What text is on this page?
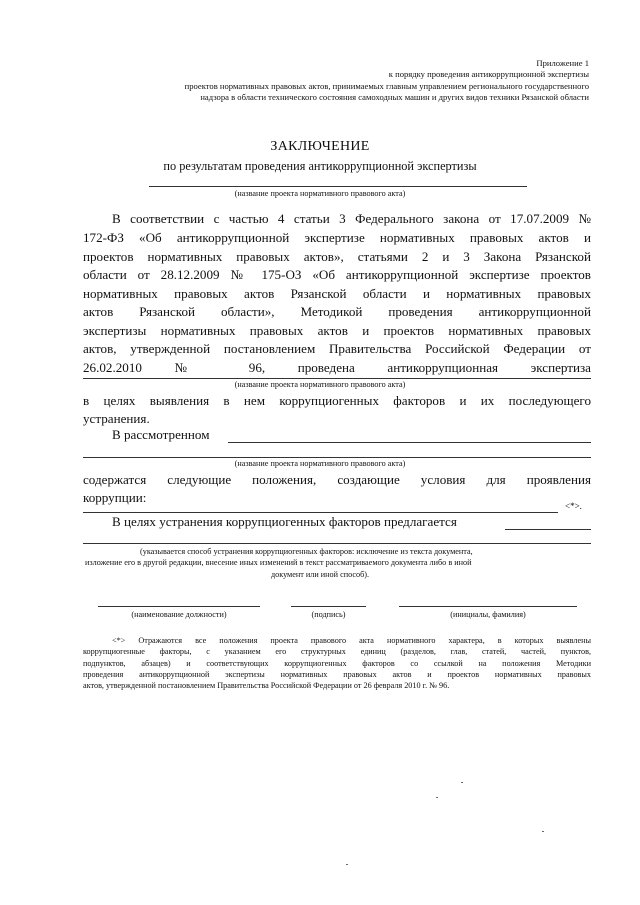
Приложение 1
к порядку проведения антикоррупционной экспертизы
проектов нормативных правовых актов, принимаемых главным управлением регионального государственного
надзора в области технического состояния самоходных машин и других видов техники Рязанской области
ЗАКЛЮЧЕНИЕ
по результатам проведения антикоррупционной экспертизы
(название проекта нормативного правового акта)
В соответствии с частью 4 статьи 3 Федерального закона от 17.07.2009 №
172-ФЗ «Об антикоррупционной экспертизе нормативных правовых актов и
проектов нормативных правовых актов», статьями 2 и 3 Закона Рязанской
области от 28.12.2009 № 175-ОЗ «Об антикоррупционной экспертизе проектов
нормативных правовых актов Рязанской области и нормативных правовых
актов Рязанской области», Методикой проведения антикоррупционной
экспертизы нормативных правовых актов и проектов нормативных правовых
актов, утвержденной постановлением Правительства Российской Федерации от
26.02.2010 № 96, проведена антикоррупционная экспертиза
(название проекта нормативного правового акта)
в целях выявления в нем коррупциогенных факторов и их последующего
устранения.
В рассмотренном
(название проекта нормативного правового акта)
содержатся следующие положения, создающие условия для проявления
коррупции:
<*>.
В целях устранения коррупциогенных факторов предлагается
(указывается способ устранения коррупциогенных факторов: исключение из текста документа,
изложение его в другой редакции, внесение иных изменений в текст рассматриваемого документа либо в иной
документ или иной способ).
(наименование должности)	(подпись)	(инициалы, фамилия)
<*> Отражаются все положения проекта правового акта нормативного характера, в которых выявлены
коррупциогенные факторы, с указанием его структурных единиц (разделов, глав, статей, частей, пунктов,
подпунктов, абзацев) и соответствующих коррупциогенных факторов со ссылкой на положения Методики
проведения антикоррупционной экспертизы нормативных правовых актов и проектов нормативных правовых
актов, утвержденной постановлением Правительства Российской Федерации от 26 февраля 2010 г. № 96.
